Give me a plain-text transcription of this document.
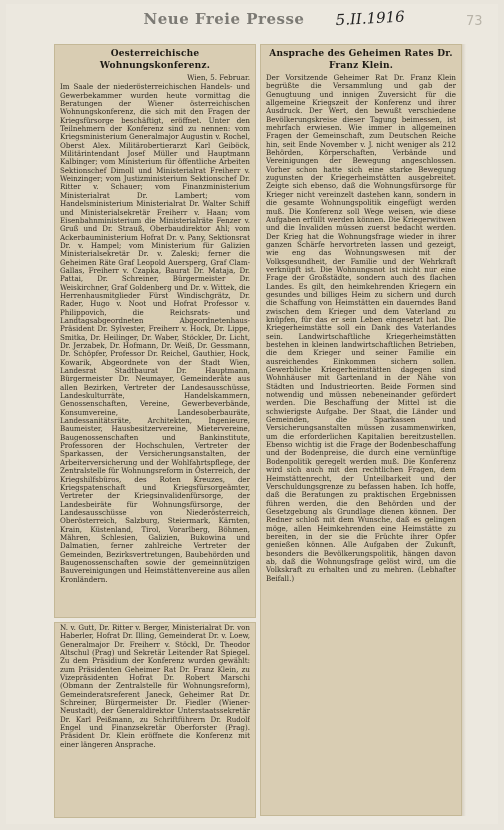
Neue Freie Presse	5.II.1916	73
Oesterreichische Wohnungskonferenz.
Wien, 5. Februar.
Im Saale der niederösterreichischen Handels- und Gewerbekammer wurden heute vormittag die Beratungen der Wiener österreichischen Wohnungskonferenz, die sich mit den Fragen der Kriegsfürsorge beschäftigt, eröffnet. Unter den Teilnehmern der Konferenz sind zu nennen: vom Kriegsministerium Generalmajor Augustin v. Rochel, Oberst Alex. Militärobertierarzt Karl Geiböck, Militärintendant Josef Müller und Hauptmann Kalbinger; vom Ministerium für öffentliche Arbeiten Sektionschef Dimoll und Ministerialrat Freiherr v. Weinzinger; vom Justizministerium Sektionschef Dr. Ritter v. Schauer; vom Finanzministerium Ministerialrat Dr. Lambert; vom Handelsministerium Ministerialrat Dr. Walter Schiff und Ministerialsekretär Freiherr v. Haan; vom Eisenbahnministerium die Ministerialräte Fenzer v. Gruß und Dr. Strauß, Oberbaudirektor Ahl; vom Ackerbauministerium Hofrat Dr. v. Pany, Sektionsrat Dr. v. Hampel; vom Ministerium für Galizien Ministerialsekretär Dr. v. Zaleski; ferner die Geheimen Räte Graf Leopold Auersperg, Graf Clam-Gallas, Freiherr v. Czapka, Baurat Dr. Mataja, Dr. Pattai, Dr. Schreiner, Bürgermeister Dr. Weiskirchner, Graf Goldenberg und Dr. v. Wittek, die Herrenhausmitglieder Fürst Windischgrätz, Dr. Rader, Hugo v. Noot und Hofrat Professor v. Philippovich, die Reichsrats- und Landtagsabgeordneten Abgeordnetenhaus-Präsident Dr. Sylvester, Freiherr v. Hock, Dr. Lippe, Smitka, Dr. Heilinger, Dr. Waber, Stöckler, Dr. Licht, Dr. Jerzabek, Dr. Hofmann, Dr. Weiß, Dr. Gessmann, Dr. Schöpfer, Professor Dr. Reichel, Gauthier, Hock, Kowarik, Abgeordnete von der Stadt Wien, Landesrat Stadtbaurat Dr. Hauptmann, Bürgermeister Dr. Neumayer, Gemeinderäte aus allen Bezirken, Vertreter der Landesausschüsse, Landeskulturräte, Handelskammern, Genossenschaften, Vereine, Gewerbeverbände, Konsumvereine, Landesoberbauräte, Landessanitätsräte, Architekten, Ingenieure, Baumeister, Hausbesitzervereine, Mietervereine, Baugenossenschaften und Bankinstitute, Professoren der Hochschulen, Vertreter der Sparkassen, der Versicherungsanstalten, der Arbeiterversicherung und der Wohlfahrtspflege, der Zentralstelle für Wohnungsreform in Österreich, der Kriegshilfsbüros, des Roten Kreuzes, der Kriegspatenschaft und Kriegsfürsorgeämter, Vertreter der Kriegsinvalidenfürsorge, der Landesbeiräte für Wohnungsfürsorge, der Landesausschüsse von Niederösterreich, Oberösterreich, Salzburg, Steiermark, Kärnten, Krain, Küstenland, Tirol, Vorarlberg, Böhmen, Mähren, Schlesien, Galizien, Bukowina und Dalmatien, ferner zahlreiche Vertreter der Gemeinden, Bezirksvertretungen, Baubehörden und Baugenossenschaften sowie der gemeinnützigen Bauvereinigungen und Heimstättenvereine aus allen Kronländern.
N. v. Gutt, Dr. Ritter v. Berger, Ministerialrat Dr. von Haberler, Hofrat Dr. Illing, Gemeinderat Dr. v. Loew, Generalmajor Dr. Freiherr v. Stöckl, Dr. Theodor Altschul (Prag) und Sekretär Leitender Rat Spiegel. Zu dem Präsidium der Konferenz wurden gewählt: zum Präsidenten Geheimer Rat Dr. Franz Klein, zu Vizepräsidenten Hofrat Dr. Robert Marschi (Obmann der Zentralstelle für Wohnungsreform), Gemeinderatsreferent Janeck, Geheimer Rat Dr. Schreiner, Bürgermeister Dr. Fiedler (Wiener-Neustadt), der Generaldirektor Unterstaatssekretär Dr. Karl Peißmann, zu Schriftführern Dr. Rudolf Engel und Finanzsekretär Oberforster (Prag). Präsident Dr. Klein eröffnete die Konferenz mit einer längeren Ansprache.
Ansprache des Geheimen Rates Dr. Franz Klein.
Der Vorsitzende Geheimer Rat Dr. Franz Klein begrüßte die Versammlung und gab der Genugtuung und innigen Zuversicht für die allgemeine Kriegszeit der Konferenz und ihrer Ausdruck. Der Wert, den bewußt verschiedene Bevölkerungskreise dieser Tagung beimessen, ist mehrfach erwiesen. Wie immer in allgemeinen Fragen der Gemeinschaft, zum Deutschen Reiche hin, seit Ende November v. J. nicht weniger als 212 Behörden, Körperschaften, Verbände und Vereinigungen der Bewegung angeschlossen. Vorher schon hatte sich eine starke Bewegung zugunsten der Kriegerheimstätten ausgebreitet. Zeigte sich ebenso, daß die Wohnungsfürsorge für Krieger nicht vereinzelt dastehen kann, sondern in die gesamte Wohnungspolitik eingefügt werden muß. Die Konferenz soll Wege weisen, wie diese Aufgaben erfüllt werden können. Die Kriegerwitwen und die Invaliden müssen zuerst bedacht werden. Der Krieg hat die Wohnungsfrage wieder in ihrer ganzen Schärfe hervortreten lassen und gezeigt, wie eng das Wohnungswesen mit der Volksgesundheit, der Familie und der Wehrkraft verknüpft ist. Die Wohnungsnot ist nicht nur eine Frage der Großstädte, sondern auch des flachen Landes. Es gilt, den heimkehrenden Kriegern ein gesundes und billiges Heim zu sichern und durch die Schaffung von Heimstätten ein dauerndes Band zwischen dem Krieger und dem Vaterland zu knüpfen, für das er sein Leben eingesetzt hat. Die Kriegerheimstätte soll ein Dank des Vaterlandes sein. Landwirtschaftliche Kriegerheimstätten bestehen in kleinen landwirtschaftlichen Betrieben, die dem Krieger und seiner Familie ein ausreichendes Einkommen sichern sollen. Gewerbliche Kriegerheimstätten dagegen sind Wohnhäuser mit Gartenland in der Nähe von Städten und Industrieorten. Beide Formen sind notwendig und müssen nebeneinander gefördert werden. Die Beschaffung der Mittel ist die schwierigste Aufgabe. Der Staat, die Länder und Gemeinden, die Sparkassen und Versicherungsanstalten müssen zusammenwirken, um die erforderlichen Kapitalien bereitzustellen. Ebenso wichtig ist die Frage der Bodenbeschaffung und der Bodenpreise, die durch eine vernünftige Bodenpolitik geregelt werden muß. Die Konferenz wird sich auch mit den rechtlichen Fragen, dem Heimstättenrecht, der Unteilbarkeit und der Verschuldungsgrenze zu befassen haben. Ich hoffe, daß die Beratungen zu praktischen Ergebnissen führen werden, die den Behörden und der Gesetzgebung als Grundlage dienen können. Der Redner schloß mit dem Wunsche, daß es gelingen möge, allen Heimkehrenden eine Heimstätte zu bereiten, in der sie die Früchte ihrer Opfer genießen können. Alle Aufgaben der Zukunft, besonders die Bevölkerungspolitik, hängen davon ab, daß die Wohnungsfrage gelöst wird, um die Volkskraft zu erhalten und zu mehren. (Lebhafter Beifall.)
